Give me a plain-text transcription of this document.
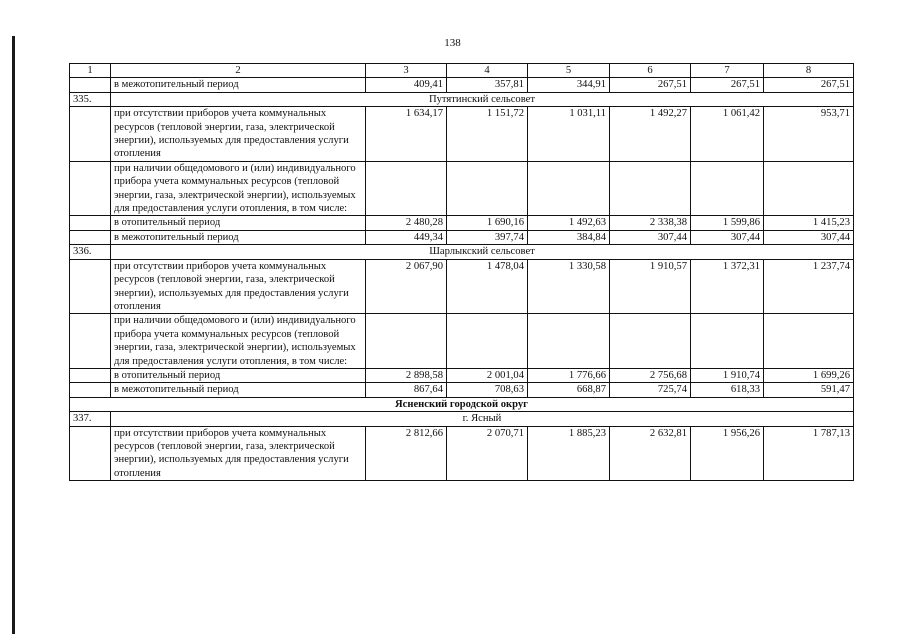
138
1	2	3	4	5	6	7	8
	в межотопительный период	409,41	357,81	344,91	267,51	267,51	267,51
335.	Путятинский сельсовет						
	при отсутствии приборов учета коммунальных ресурсов (тепловой энергии, газа, электрической энергии), используемых для предоставления услуги отопления	1 634,17	1 151,72	1 031,11	1 492,27	1 061,42	953,71
	при наличии общедомового и (или) индивидуального прибора учета коммунальных ресурсов (тепловой энергии, газа, электрической энергии), используемых для предоставления услуги отопления, в том числе:						
	в отопительный период	2 480,28	1 690,16	1 492,63	2 338,38	1 599,86	1 415,23
	в межотопительный период	449,34	397,74	384,84	307,44	307,44	307,44
336.	Шарлыкский сельсовет						
	при отсутствии приборов учета коммунальных ресурсов (тепловой энергии, газа, электрической энергии), используемых для предоставления услуги отопления	2 067,90	1 478,04	1 330,58	1 910,57	1 372,31	1 237,74
	при наличии общедомового и (или) индивидуального прибора учета коммунальных ресурсов (тепловой энергии, газа, электрической энергии), используемых для предоставления услуги отопления, в том числе:						
	в отопительный период	2 898,58	2 001,04	1 776,66	2 756,68	1 910,74	1 699,26
	в межотопительный период	867,64	708,63	668,87	725,74	618,33	591,47
Ясненский городской округ							
337.	г. Ясный						
	при отсутствии приборов учета коммунальных ресурсов (тепловой энергии, газа, электрической энергии), используемых для предоставления услуги отопления	2 812,66	2 070,71	1 885,23	2 632,81	1 956,26	1 787,13
